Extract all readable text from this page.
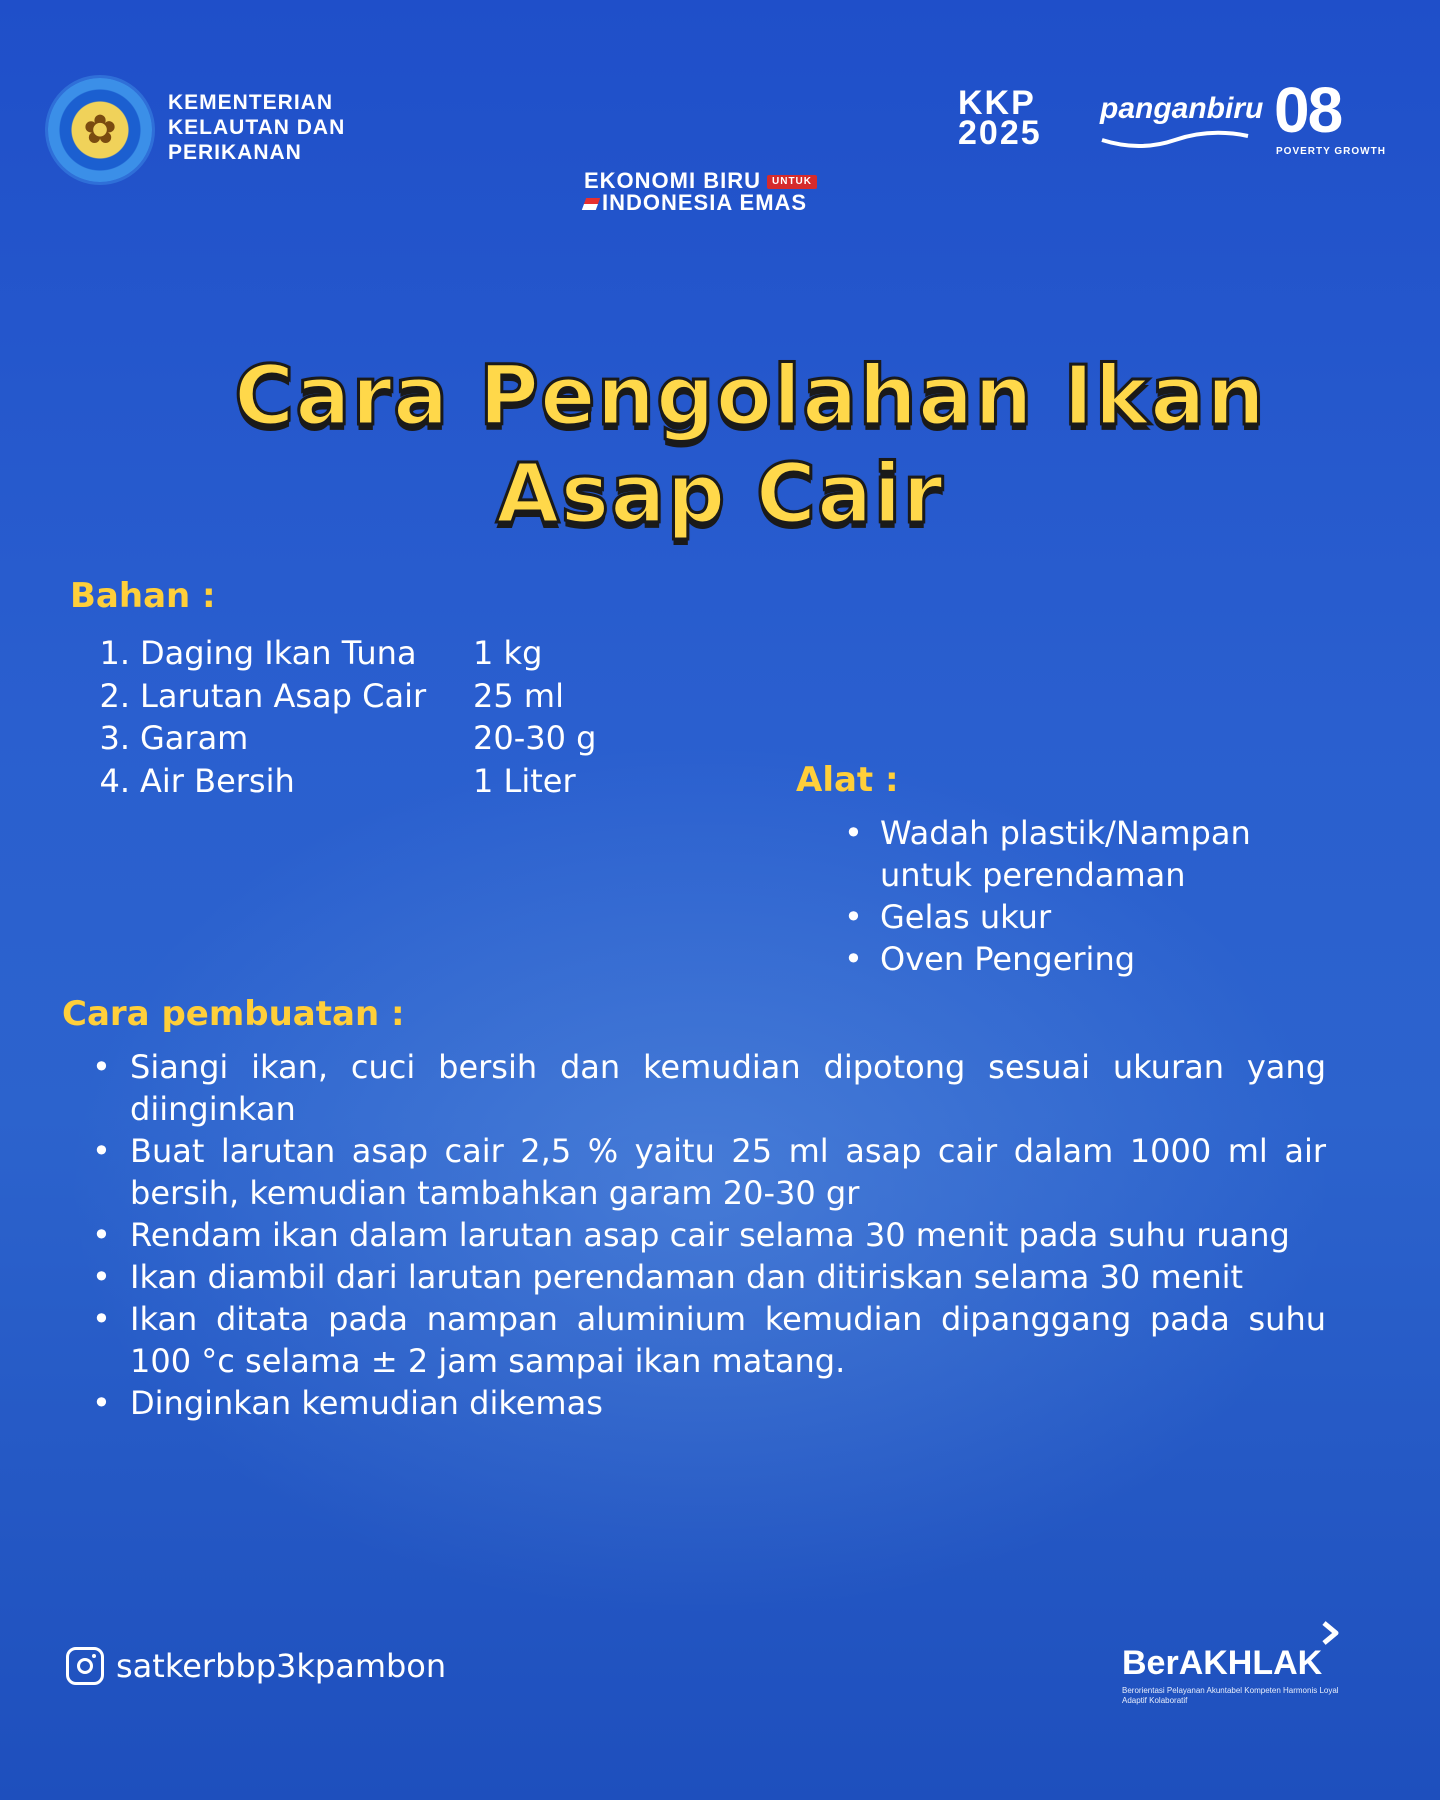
✿
KEMENTERIAN
KELAUTAN DAN
PERIKANAN
KKP
2025
panganbiru 08
POVERTY GROWTH
EKONOMI BIRU UNTUK
INDONESIA EMAS
Cara Pengolahan Ikan
Asap Cair
Bahan :
1. Daging Ikan Tuna 1 kg
2. Larutan Asap Cair 25 ml
3. Garam	20-30 g
4. Air Bersih	1 Liter	Alat :
• Wadah plastik/Nampan untuk perendaman
• Gelas ukur
• Oven Pengering
Cara pembuatan :
• Siangi ikan, cuci bersih dan kemudian dipotong sesuai ukuran yang diinginkan
• Buat larutan asap cair 2,5 % yaitu 25 ml asap cair dalam 1000 ml air bersih, kemudian tambahkan garam 20-30 gr
• Rendam ikan dalam larutan asap cair selama 30 menit pada suhu ruang
• Ikan diambil dari larutan perendaman dan ditiriskan selama 30 menit
• Ikan ditata pada nampan aluminium kemudian dipanggang pada suhu 100 °c selama ± 2 jam sampai ikan matang.
• Dinginkan kemudian dikemas
satkerbbp3kpambon	BerAKHLAK
Berorientasi Pelayanan Akuntabel Kompeten Harmonis Loyal Adaptif Kolaboratif
